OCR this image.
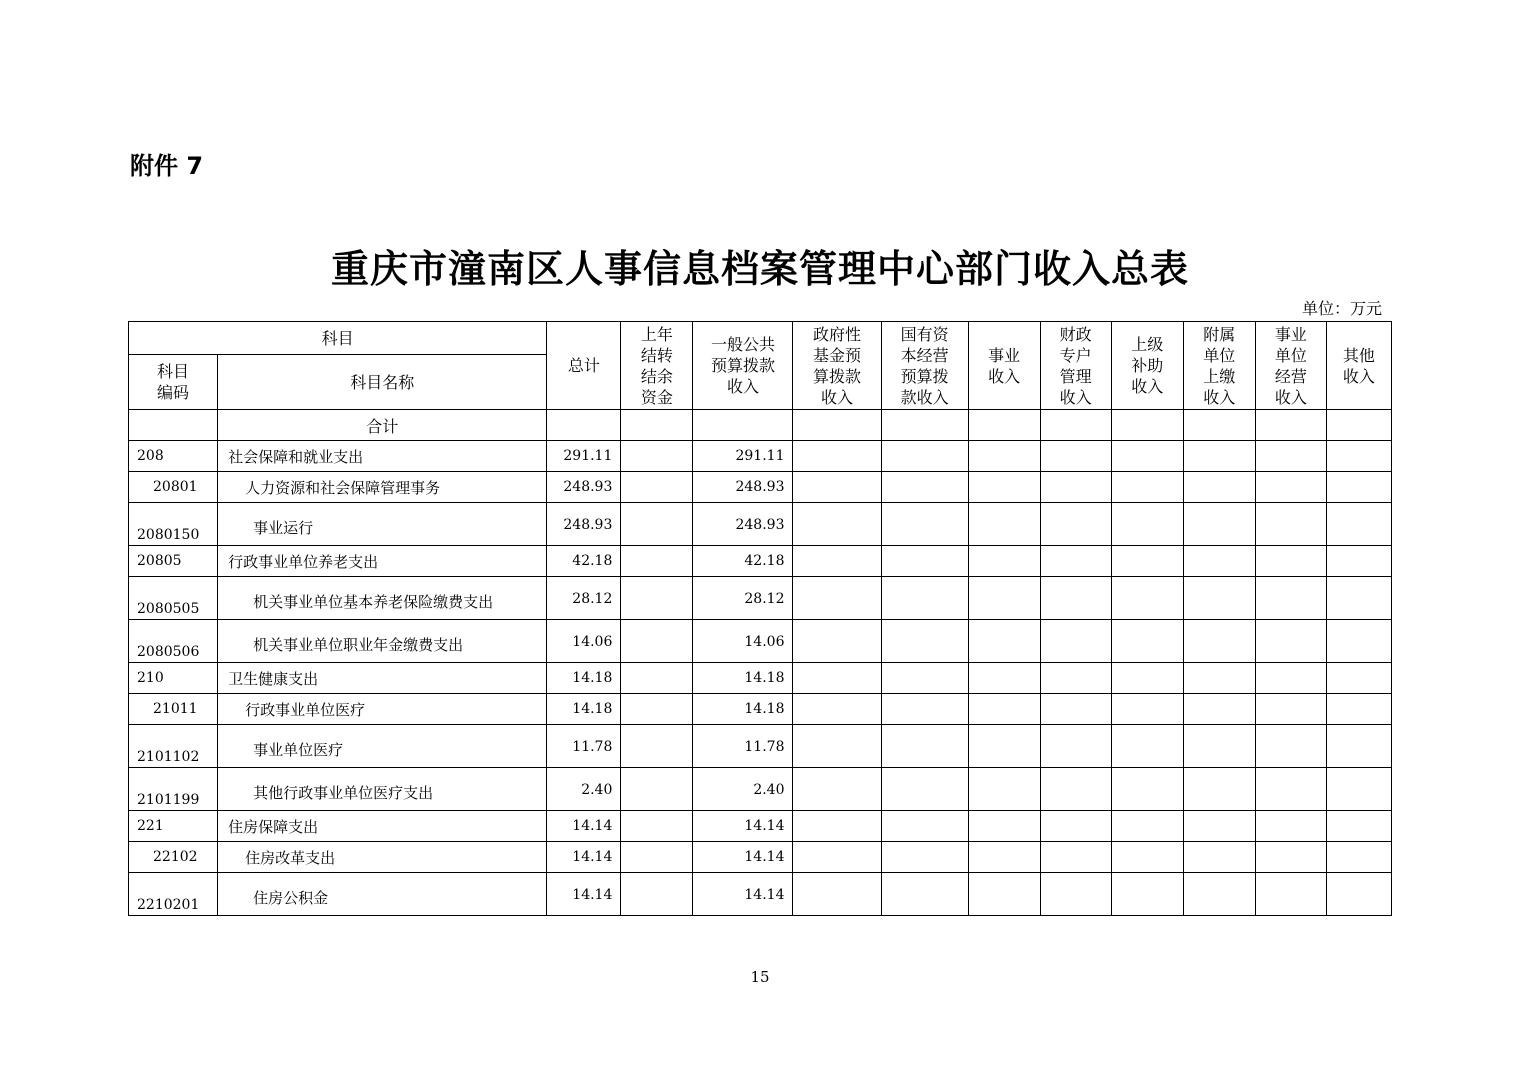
附件 7
重庆市潼南区人事信息档案管理中心部门收入总表
单位：万元
科目		总计	上年结转结余资金	一般公共预算拨款收入	政府性基金预算拨款收入	国有资本经营预算拨款收入	事业收入	财政专户管理收入	上级补助收入	附属单位上缴收入	事业单位经营收入	其他收入
科目编码	科目名称											
	合计											
208	社会保障和就业支出	291.11		291.11								
20801	人力资源和社会保障管理事务	248.93		248.93								
2080150	事业运行	248.93		248.93								
20805	行政事业单位养老支出	42.18		42.18								
2080505	机关事业单位基本养老保险缴费支出	28.12		28.12								
2080506	机关事业单位职业年金缴费支出	14.06		14.06								
210	卫生健康支出	14.18		14.18								
21011	行政事业单位医疗	14.18		14.18								
2101102	事业单位医疗	11.78		11.78								
2101199	其他行政事业单位医疗支出	2.40		2.40								
221	住房保障支出	14.14		14.14								
22102	住房改革支出	14.14		14.14								
2210201	住房公积金	14.14		14.14								
15
